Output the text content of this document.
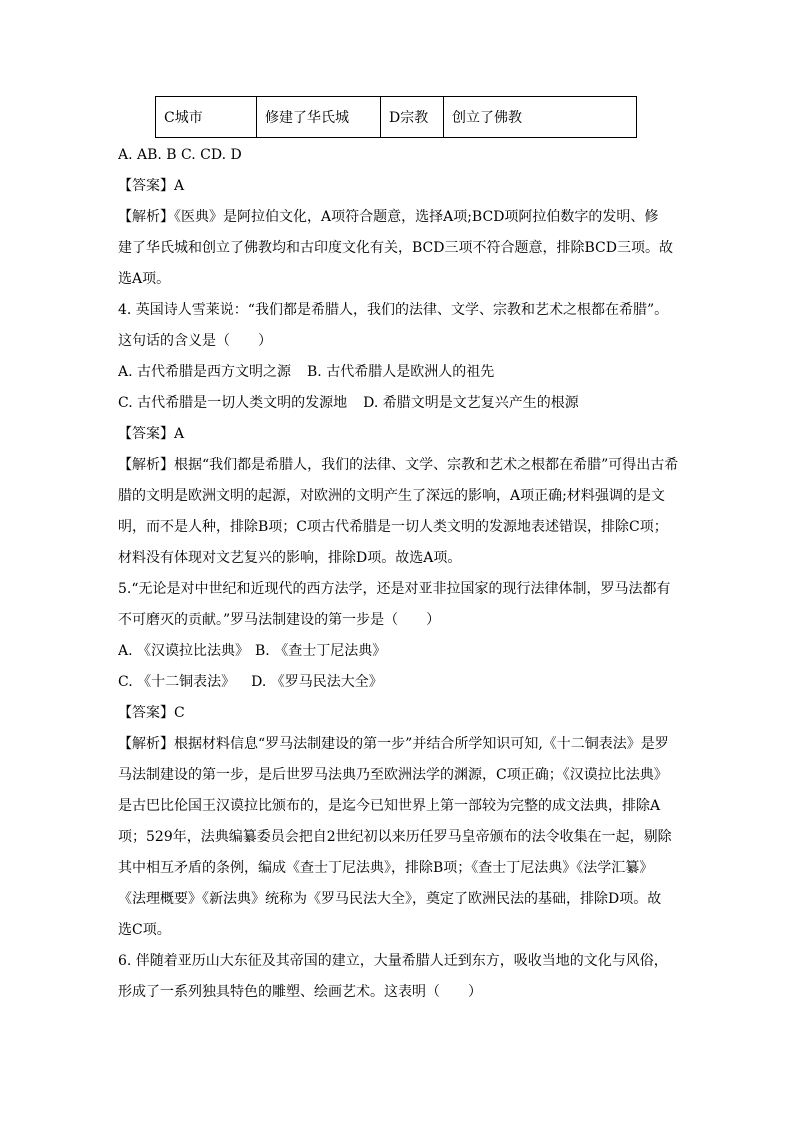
C城市	修建了华氏城	D宗教	创立了佛教
A. AB. B C. CD. D
【答案】A
【解析】《医典》是阿拉伯文化，A项符合题意，选择A项;BCD项阿拉伯数字的发明、修
建了华氏城和创立了佛教均和古印度文化有关，BCD三项不符合题意，排除BCD三项。故
选A项。
4. 英国诗人雪莱说：“我们都是希腊人，我们的法律、文学、宗教和艺术之根都在希腊”。
这句话的含义是（　　）
A. 古代希腊是西方文明之源 B. 古代希腊人是欧洲人的祖先
C. 古代希腊是一切人类文明的发源地 D. 希腊文明是文艺复兴产生的根源
【答案】A
【解析】根据“我们都是希腊人，我们的法律、文学、宗教和艺术之根都在希腊”可得出古希
腊的文明是欧洲文明的起源，对欧洲的文明产生了深远的影响，A项正确;材料强调的是文
明，而不是人种，排除B项；C项古代希腊是一切人类文明的发源地表述错误，排除C项；
材料没有体现对文艺复兴的影响，排除D项。故选A项。
5.“无论是对中世纪和近现代的西方法学，还是对亚非拉国家的现行法律体制，罗马法都有
不可磨灭的贡献。”罗马法制建设的第一步是（　　）
A. 《汉谟拉比法典》 B. 《查士丁尼法典》
C. 《十二铜表法》 D. 《罗马民法大全》
【答案】C
【解析】根据材料信息“罗马法制建设的第一步”并结合所学知识可知,《十二铜表法》是罗
马法制建设的第一步，是后世罗马法典乃至欧洲法学的渊源，C项正确；《汉谟拉比法典》
是古巴比伦国王汉谟拉比颁布的，是迄今已知世界上第一部较为完整的成文法典，排除A
项；529年，法典编纂委员会把自2世纪初以来历任罗马皇帝颁布的法令收集在一起，剔除
其中相互矛盾的条例，编成《查士丁尼法典》，排除B项；《查士丁尼法典》《法学汇纂》
《法理概要》《新法典》统称为《罗马民法大全》，奠定了欧洲民法的基础，排除D项。故
选C项。
6. 伴随着亚历山大东征及其帝国的建立，大量希腊人迁到东方，吸收当地的文化与风俗，
形成了一系列独具特色的雕塑、绘画艺术。这表明（　　）
